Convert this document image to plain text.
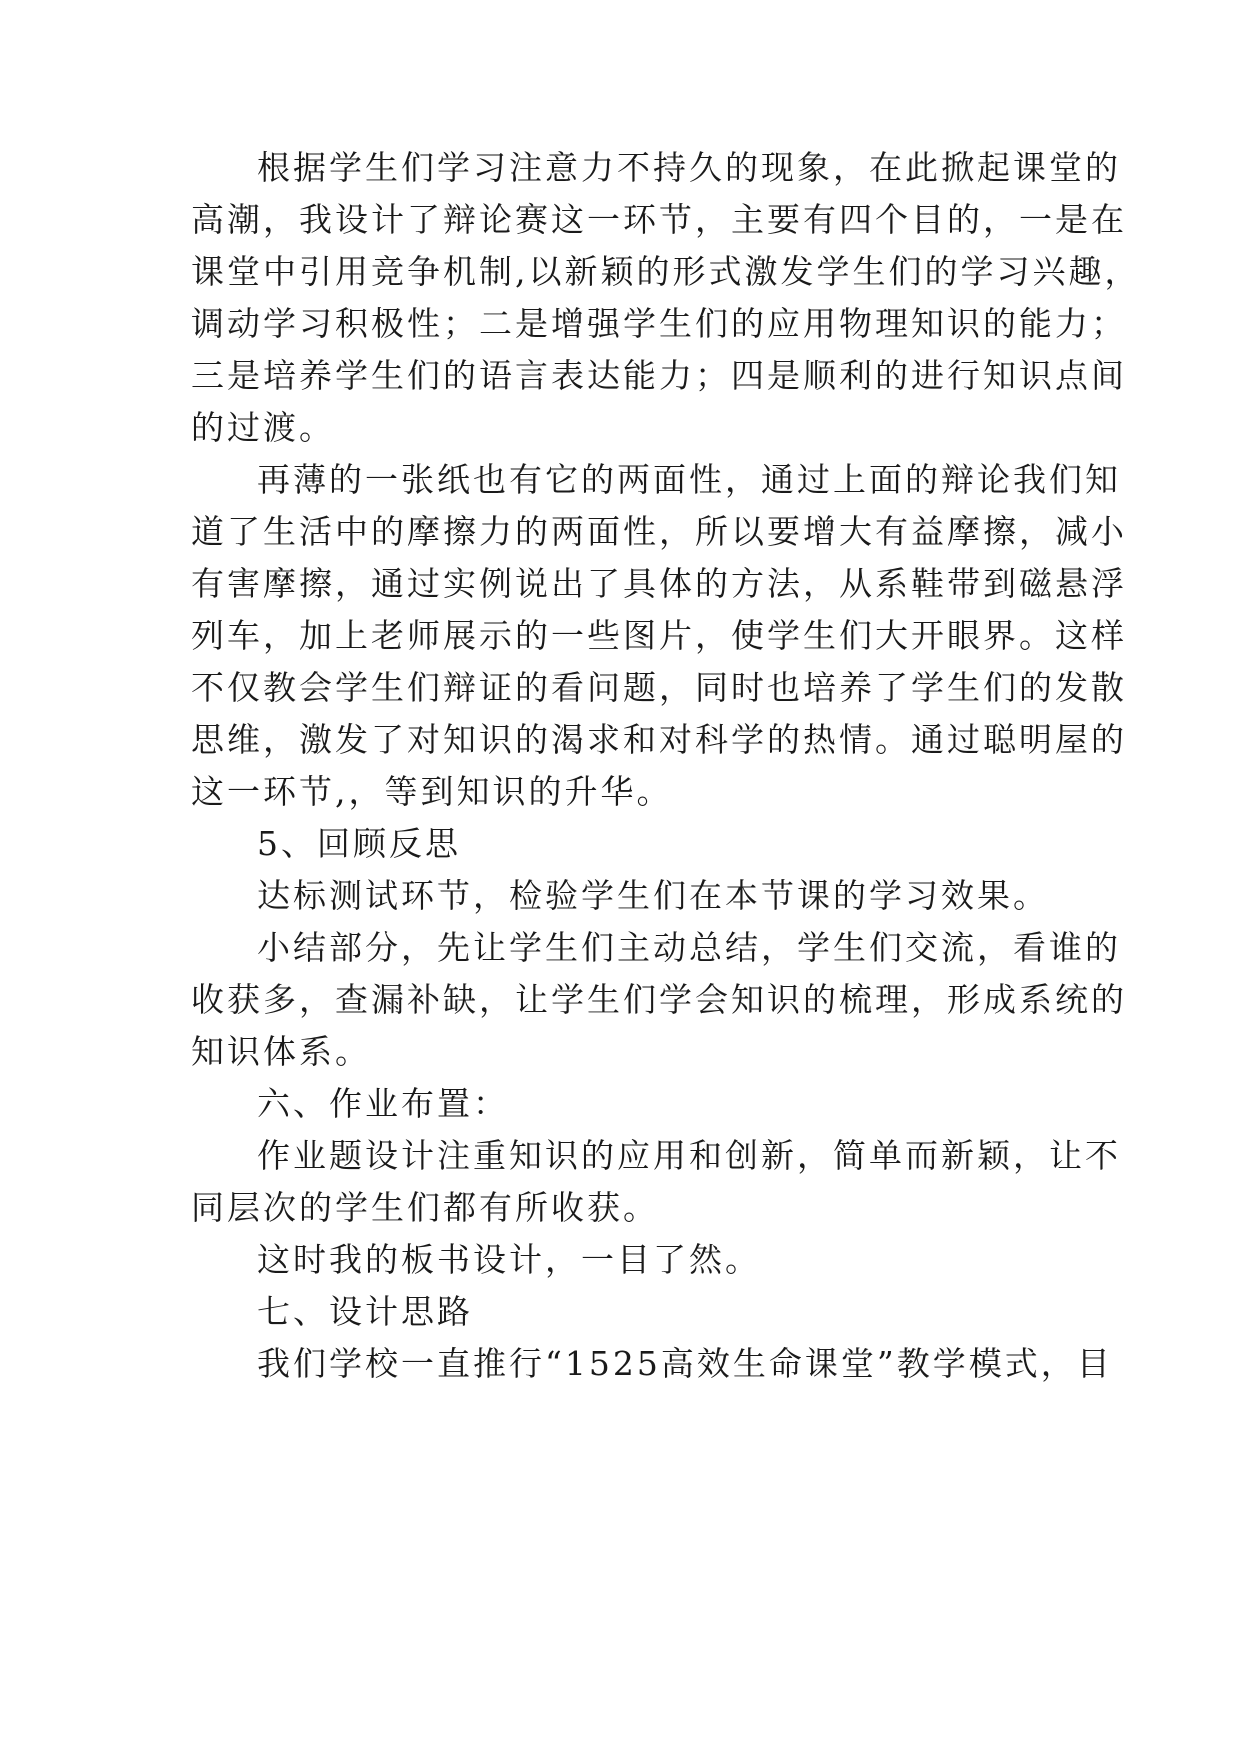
根据学生们学习注意力不持久的现象，在此掀起课堂的
高潮，我设计了辩论赛这一环节，主要有四个目的，一是在
课堂中引用竞争机制,以新颖的形式激发学生们的学习兴趣，
调动学习积极性；二是增强学生们的应用物理知识的能力；
三是培养学生们的语言表达能力；四是顺利的进行知识点间
的过渡。
再薄的一张纸也有它的两面性，通过上面的辩论我们知
道了生活中的摩擦力的两面性，所以要增大有益摩擦，减小
有害摩擦，通过实例说出了具体的方法，从系鞋带到磁悬浮
列车，加上老师展示的一些图片，使学生们大开眼界。这样
不仅教会学生们辩证的看问题，同时也培养了学生们的发散
思维，激发了对知识的渴求和对科学的热情。通过聪明屋的
这一环节,，等到知识的升华。
5、回顾反思
达标测试环节，检验学生们在本节课的学习效果。
小结部分，先让学生们主动总结，学生们交流，看谁的
收获多，查漏补缺，让学生们学会知识的梳理，形成系统的
知识体系。
六、作业布置：
作业题设计注重知识的应用和创新，简单而新颖，让不
同层次的学生们都有所收获。
这时我的板书设计，一目了然。
七、设计思路
我们学校一直推行“1525高效生命课堂”教学模式，目
